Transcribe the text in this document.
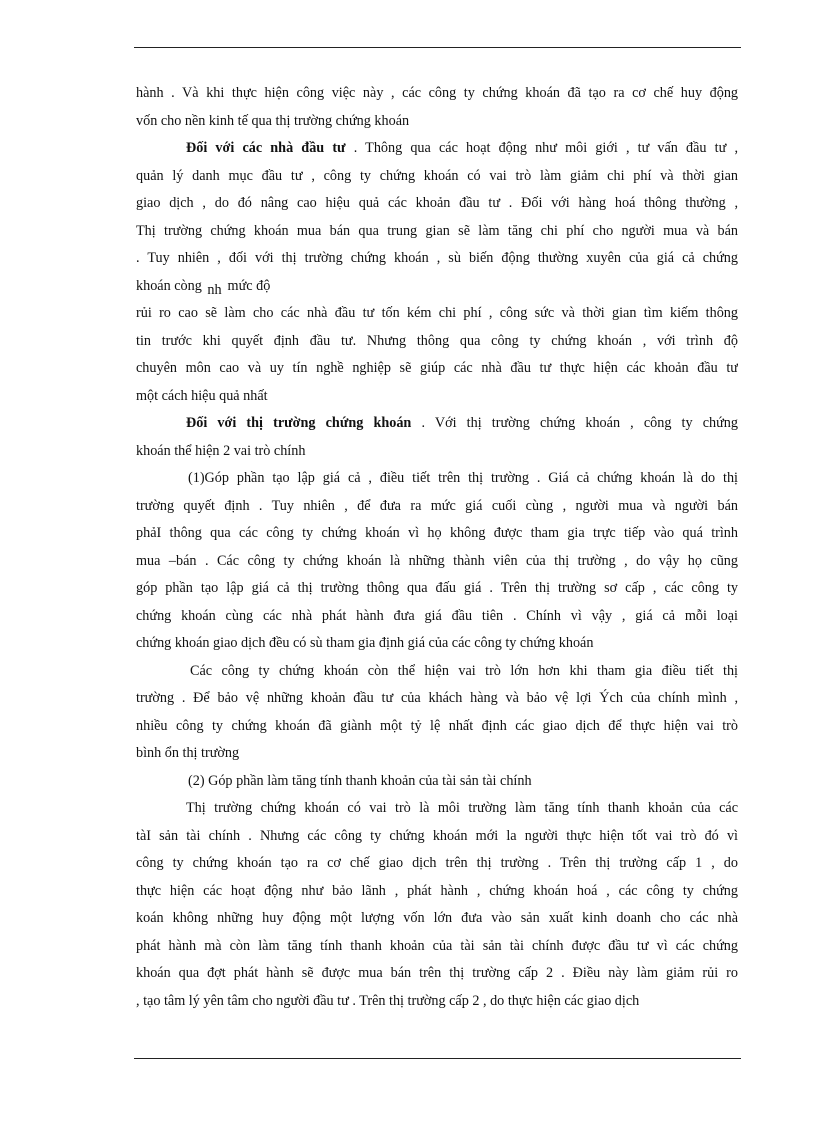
hành . Và khi thực hiện công việc này , các công ty chứng khoán đã tạo ra cơ chế huy động
vốn cho nền kinh tế qua thị trường chứng khoán
Đối với các nhà đầu tư . Thông qua các hoạt động như môi giới , tư vấn đầu tư ,
quản lý danh mục đầu tư , công ty chứng khoán có vai trò làm giảm chi phí và thời gian
giao dịch , do đó nâng cao hiệu quả các khoản đầu tư . Đối với hàng hoá thông thường ,
Thị trường chứng khoán mua bán qua trung gian sẽ làm tăng chi phí cho người mua và bán
. Tuy nhiên , đối với thị trường chứng khoán , sù biến động thường xuyên của giá cả chứng
khoán còng nh mức độ
rủi ro cao sẽ làm cho các nhà đầu tư tốn kém chi phí , công sức và thời gian tìm kiếm thông
tin trước khi quyết định đầu tư. Nhưng thông qua công ty chứng khoán , với trình độ
chuyên môn cao và uy tín nghề nghiệp sẽ giúp các nhà đầu tư thực hiện các khoản đầu tư
một cách hiệu quả nhất
Đối với thị trường chứng khoán . Với thị trường chứng khoán , công ty chứng
khoán thể hiện 2 vai trò chính
(1)Góp phần tạo lập giá cả , điều tiết trên thị trường . Giá cả chứng khoán là do thị
trường quyết định . Tuy nhiên , để đưa ra mức giá cuối cùng , người mua và người bán
phảI thông qua các công ty chứng khoán vì họ không được tham gia trực tiếp vào quá trình
mua –bán . Các công ty chứng khoán là những thành viên của thị trường , do vậy họ cũng
góp phần tạo lập giá cả thị trường thông qua đấu giá . Trên thị trường sơ cấp , các công ty
chứng khoán cùng các nhà phát hành đưa giá đầu tiên . Chính vì vậy , giá cả mỗi loại
chứng khoán giao dịch đều có sù tham gia định giá của các công ty chứng khoán
Các công ty chứng khoán còn thể hiện vai trò lớn hơn khi tham gia điều tiết thị
trường . Để bảo vệ những khoản đầu tư của khách hàng và bảo vệ lợi Ých của chính mình ,
nhiều công ty chứng khoán đã giành một tỷ lệ nhất định các giao dịch để thực hiện vai trò
bình ổn thị trường
(2) Góp phần làm tăng tính thanh khoản của tài sản tài chính
Thị trường chứng khoán có vai trò là môi trường làm tăng tính thanh khoản của các
tàI sản tài chính . Nhưng các công ty chứng khoán mới la người thực hiện tốt vai trò đó vì
công ty chứng khoán tạo ra cơ chế giao dịch trên thị trường . Trên thị trường cấp 1 , do
thực hiện các hoạt động như bảo lãnh , phát hành , chứng khoán hoá , các công ty chứng
koán không những huy động một lượng vốn lớn đưa vào sản xuất kinh doanh cho các nhà
phát hành mà còn làm tăng tính thanh khoản của tài sản tài chính được đầu tư vì các chứng
khoán qua đợt phát hành sẽ được mua bán trên thị trường cấp 2 . Điều này làm giảm rủi ro
, tạo tâm lý yên tâm cho người đầu tư . Trên thị trường cấp 2 , do thực hiện các giao dịch
